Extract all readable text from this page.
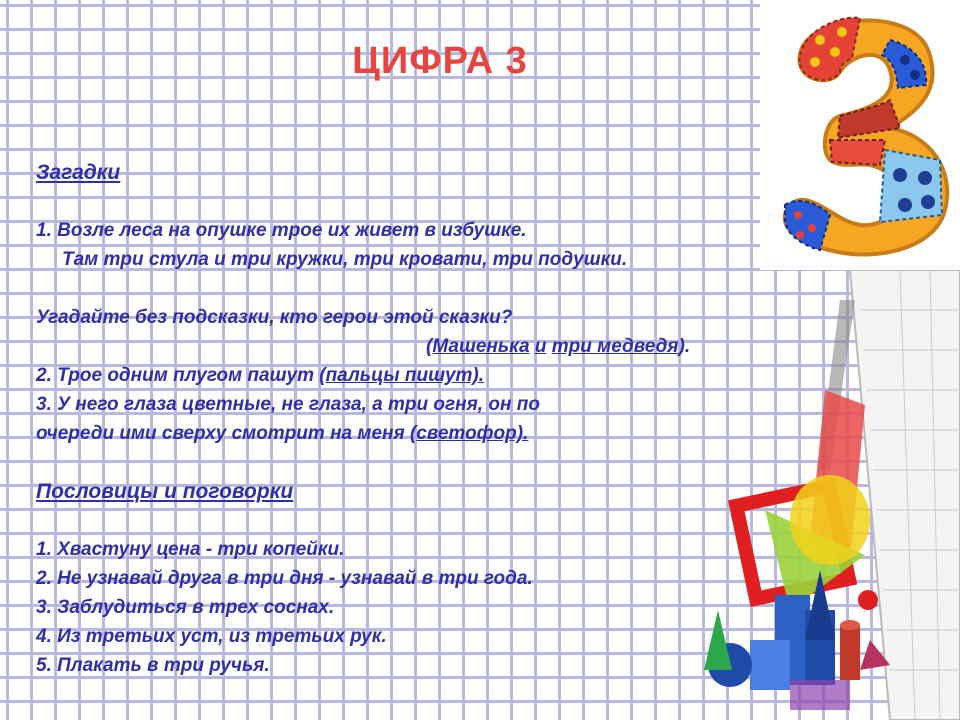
ЦИФРА 3
Загадки
1. Возле леса на опушке трое их живет в избушке.
Там три стула и три кружки, три кровати, три подушки.
Угадайте без подсказки, кто герои этой сказки?
(Машенька и три медведя).
2. Трое одним плугом пашут (пальцы пишут).
3. У него глаза цветные, не глаза, а три огня, он по
очереди ими сверху смотрит на меня (светофор).
Пословицы и поговорки
1. Хвастуну цена - три копейки.
2. Не узнавай друга в три дня - узнавай в три года.
3. Заблудиться в трех соснах.
4. Из третьих уст, из третьих рук.
5. Плакать в три ручья.
